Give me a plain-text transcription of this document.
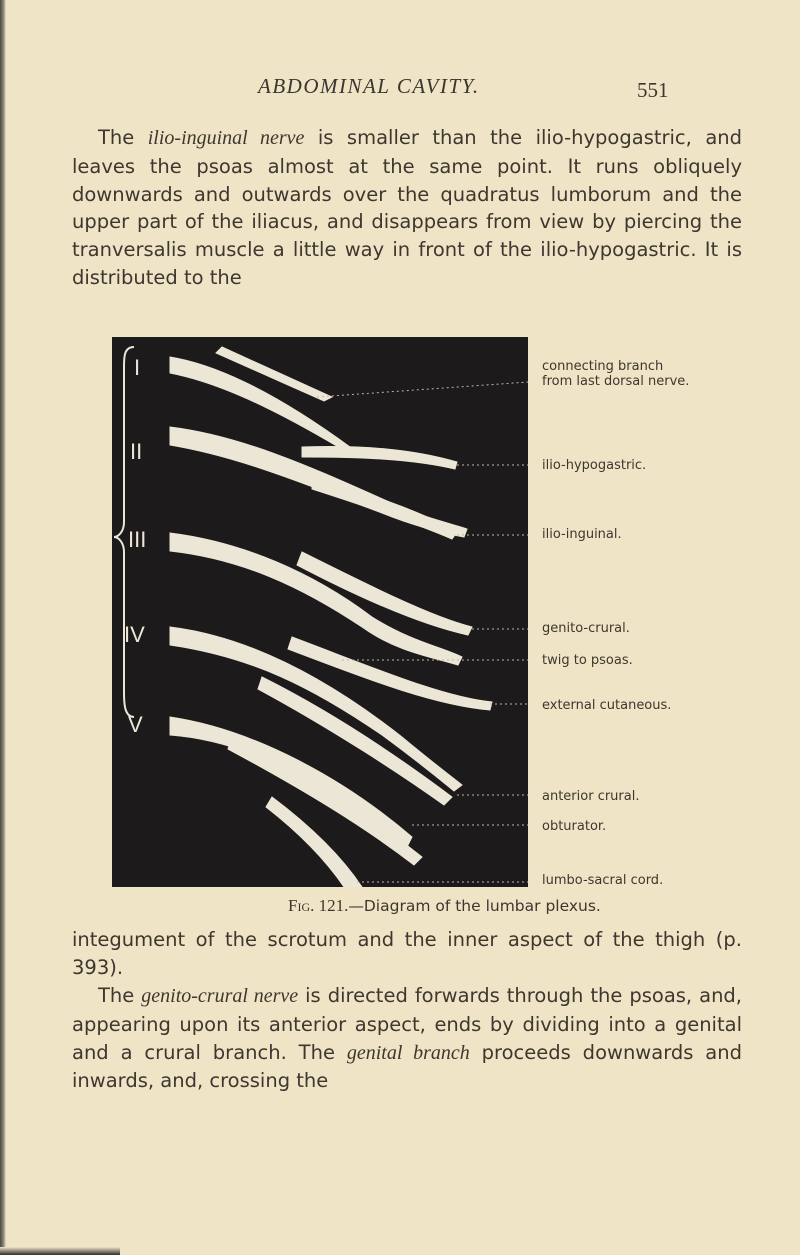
ABDOMINAL CAVITY.	551
The ilio-inguinal nerve is smaller than the ilio-hypogastric, and leaves the psoas almost at the same point. It runs obliquely downwards and outwards over the quadratus lumborum and the upper part of the iliacus, and disappears from view by piercing the tranversalis muscle a little way in front of the ilio-hypogastric. It is distributed to the
I
II
III
IV
V
connecting branch from last dorsal nerve.
ilio-hypogastric.
ilio-inguinal.
genito-crural.
twig to psoas.
external cutaneous.
anterior crural.
obturator.
lumbo-sacral cord.
Fig. 121.—Diagram of the lumbar plexus.
integument of the scrotum and the inner aspect of the thigh (p. 393).
The genito-crural nerve is directed forwards through the psoas, and, appearing upon its anterior aspect, ends by dividing into a genital and a crural branch. The genital branch proceeds downwards and inwards, and, crossing the
